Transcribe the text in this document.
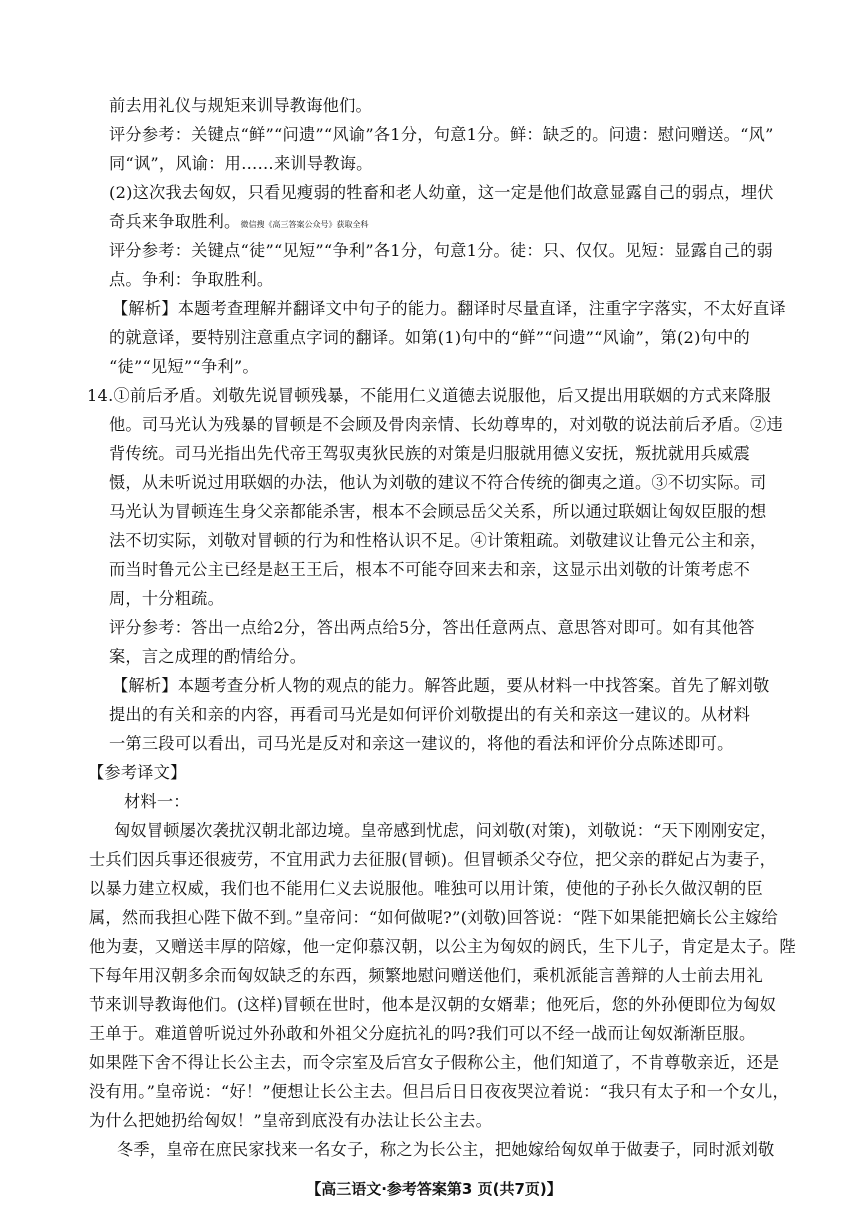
前去用礼仪与规矩来训导教诲他们。
评分参考：关键点“鲜”“问遗”“风谕”各1分，句意1分。鲜：缺乏的。问遗：慰问赠送。“风”
同“讽”，风谕：用……来训导教诲。
(2)这次我去匈奴，只看见瘦弱的牲畜和老人幼童，这一定是他们故意显露自己的弱点，埋伏
奇兵来争取胜利。微信搜《高三答案公众号》获取全科
评分参考：关键点“徒”“见短”“争利”各1分，句意1分。徒：只、仅仅。见短：显露自己的弱
点。争利：争取胜利。
【解析】本题考查理解并翻译文中句子的能力。翻译时尽量直译，注重字字落实，不太好直译
的就意译，要特别注意重点字词的翻译。如第(1)句中的“鲜”“问遗”“风谕”，第(2)句中的
“徒”“见短”“争利”。
14.①前后矛盾。刘敬先说冒顿残暴，不能用仁义道德去说服他，后又提出用联姻的方式来降服
他。司马光认为残暴的冒顿是不会顾及骨肉亲情、长幼尊卑的，对刘敬的说法前后矛盾。②违
背传统。司马光指出先代帝王驾驭夷狄民族的对策是归服就用德义安抚，叛扰就用兵威震
慑，从未听说过用联姻的办法，他认为刘敬的建议不符合传统的御夷之道。③不切实际。司
马光认为冒顿连生身父亲都能杀害，根本不会顾忌岳父关系，所以通过联姻让匈奴臣服的想
法不切实际，刘敬对冒顿的行为和性格认识不足。④计策粗疏。刘敬建议让鲁元公主和亲，
而当时鲁元公主已经是赵王王后，根本不可能夺回来去和亲，这显示出刘敬的计策考虑不
周，十分粗疏。
评分参考：答出一点给2分，答出两点给5分，答出任意两点、意思答对即可。如有其他答
案，言之成理的酌情给分。
【解析】本题考查分析人物的观点的能力。解答此题，要从材料一中找答案。首先了解刘敬
提出的有关和亲的内容，再看司马光是如何评价刘敬提出的有关和亲这一建议的。从材料
一第三段可以看出，司马光是反对和亲这一建议的，将他的看法和评价分点陈述即可。
【参考译文】
材料一：
匈奴冒顿屡次袭扰汉朝北部边境。皇帝感到忧虑，问刘敬(对策)，刘敬说：“天下刚刚安定，
士兵们因兵事还很疲劳，不宜用武力去征服(冒顿)。但冒顿杀父夺位，把父亲的群妃占为妻子，
以暴力建立权威，我们也不能用仁义去说服他。唯独可以用计策，使他的子孙长久做汉朝的臣
属，然而我担心陛下做不到。”皇帝问：“如何做呢?”(刘敬)回答说：“陛下如果能把嫡长公主嫁给
他为妻，又赠送丰厚的陪嫁，他一定仰慕汉朝，以公主为匈奴的阏氏，生下儿子，肯定是太子。陛
下每年用汉朝多余而匈奴缺乏的东西，频繁地慰问赠送他们，乘机派能言善辩的人士前去用礼
节来训导教诲他们。(这样)冒顿在世时，他本是汉朝的女婿辈；他死后，您的外孙便即位为匈奴
王单于。难道曾听说过外孙敢和外祖父分庭抗礼的吗?我们可以不经一战而让匈奴渐渐臣服。
如果陛下舍不得让长公主去，而令宗室及后宫女子假称公主，他们知道了，不肯尊敬亲近，还是
没有用。”皇帝说：“好！”便想让长公主去。但吕后日日夜夜哭泣着说：“我只有太子和一个女儿，
为什么把她扔给匈奴！”皇帝到底没有办法让长公主去。
冬季，皇帝在庶民家找来一名女子，称之为长公主，把她嫁给匈奴单于做妻子，同时派刘敬
【高三语文·参考答案第3 页(共7页)】
